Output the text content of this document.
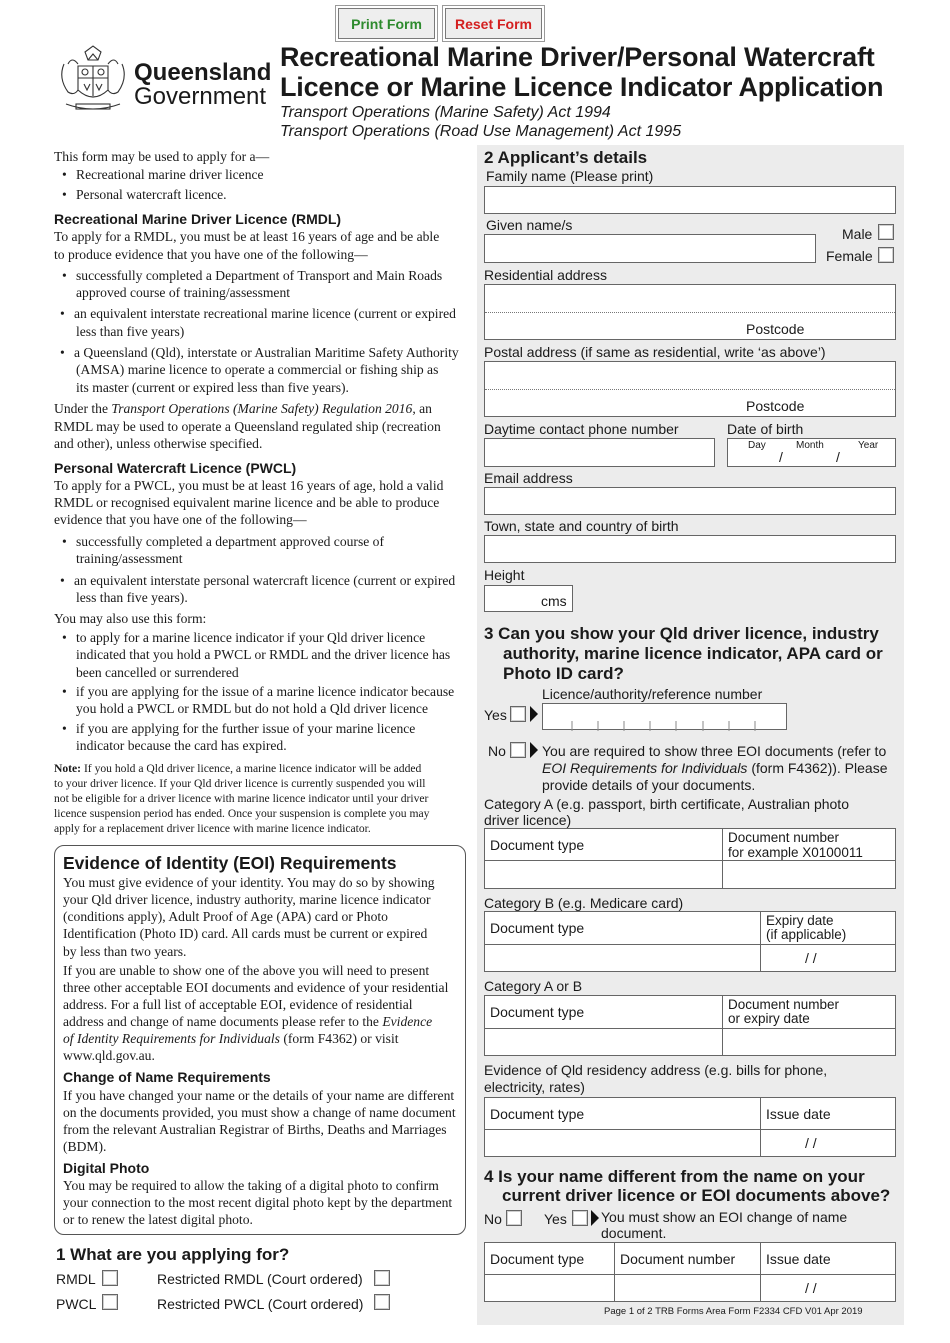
Print Form	Reset Form
Queensland
Government
Recreational Marine Driver/Personal Watercraft
Licence or Marine Licence Indicator Application
Transport Operations (Marine Safety) Act 1994
Transport Operations (Road Use Management) Act 1995
This form may be used to apply for a—
• Recreational marine driver licence
• Personal watercraft licence.
Recreational Marine Driver Licence (RMDL)
To apply for a RMDL, you must be at least 16 years of age and be able
to produce evidence that you have one of the following—
• successfully completed a Department of Transport and Main Roads
approved course of training/assessment
• an equivalent interstate recreational marine licence (current or expired
less than five years)
• a Queensland (Qld), interstate or Australian Maritime Safety Authority
(AMSA) marine licence to operate a commercial or fishing ship as
its master (current or expired less than five years).
Under the Transport Operations (Marine Safety) Regulation 2016, an
RMDL may be used to operate a Queensland regulated ship (recreation
and other), unless otherwise specified.
Personal Watercraft Licence (PWCL)
To apply for a PWCL, you must be at least 16 years of age, hold a valid
RMDL or recognised equivalent marine licence and be able to produce
evidence that you have one of the following—
• successfully completed a department approved course of
training/assessment
• an equivalent interstate personal watercraft licence (current or expired
less than five years).
You may also use this form:
• to apply for a marine licence indicator if your Qld driver licence
indicated that you hold a PWCL or RMDL and the driver licence has
been cancelled or surrendered
• if you are applying for the issue of a marine licence indicator because
you hold a PWCL or RMDL but do not hold a Qld driver licence
• if you are applying for the further issue of your marine licence
indicator because the card has expired.
Note: If you hold a Qld driver licence, a marine licence indicator will be added
to your driver licence. If your Qld driver licence is currently suspended you will
not be eligible for a driver licence with marine licence indicator until your driver
licence suspension period has ended. Once your suspension is complete you may
apply for a replacement driver licence with marine licence indicator.
Evidence of Identity (EOI) Requirements
You must give evidence of your identity. You may do so by showing
your Qld driver licence, industry authority, marine licence indicator
(conditions apply), Adult Proof of Age (APA) card or Photo
Identification (Photo ID) card. All cards must be current or expired
by less than two years.
If you are unable to show one of the above you will need to present
three other acceptable EOI documents and evidence of your residential
address. For a full list of acceptable EOI, evidence of residential
address and change of name documents please refer to the Evidence
of Identity Requirements for Individuals (form F4362) or visit
www.qld.gov.au.
Change of Name Requirements
If you have changed your name or the details of your name are different
on the documents provided, you must show a change of name document
from the relevant Australian Registrar of Births, Deaths and Marriages
(BDM).
Digital Photo
You may be required to allow the taking of a digital photo to confirm
your connection to the most recent digital photo kept by the department
or to renew the latest digital photo.
1 What are you applying for?
RMDL	Restricted RMDL (Court ordered)
PWCL	Restricted PWCL (Court ordered)
2 Applicant’s details
Family name (Please print)
Given name/s
Male
Female
Residential address
Postcode
Postal address (if same as residential, write ‘as above’)
Postcode
Daytime contact phone number	Date of birth
Day	Month	Year
/	/
Email address
Town, state and country of birth
Height
cms
3 Can you show your Qld driver licence, industry
authority, marine licence indicator, APA card or
Photo ID card?
Licence/authority/reference number
Yes
No	You are required to show three EOI documents (refer to
EOI Requirements for Individuals (form F4362)). Please
provide details of your documents.
Category A (e.g. passport, birth certificate, Australian photo
driver licence)
Document type	Document number
for example X0100011

Category B (e.g. Medicare card)
Document type	Expiry date
(if applicable)

	/ /
Category A or B
Document type	Document number
or expiry date

Evidence of Qld residency address (e.g. bills for phone,
electricity, rates)
Document type	Issue date
	/ /
4 Is your name different from the name on your
current driver licence or EOI documents above?
No	Yes You must show an EOI change of name
document.
Document type	Document number	Issue date
		/ /
Page 1 of 2 TRB Forms Area Form F2334 CFD V01 Apr 2019
